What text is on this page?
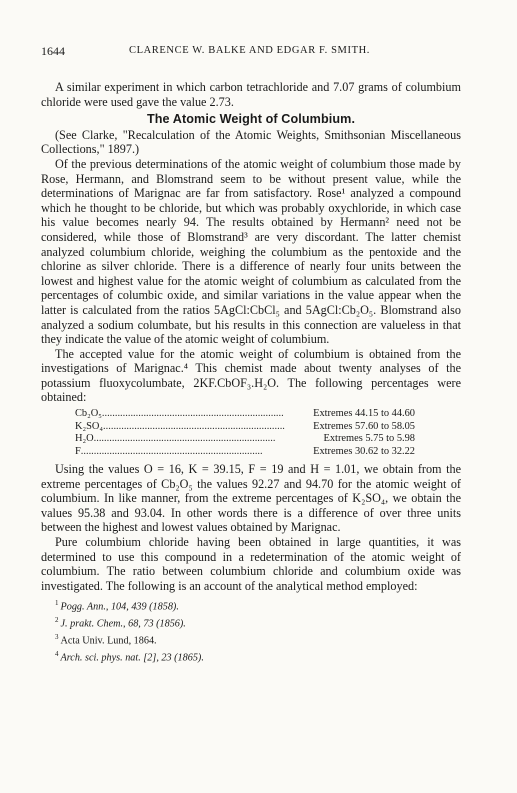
1644	CLARENCE W. BALKE AND EDGAR F. SMITH.

A similar experiment in which carbon tetrachloride and 7.07 grams of columbium chloride were used gave the value 2.73.

The Atomic Weight of Columbium.

(See Clarke, "Recalculation of the Atomic Weights, Smithsonian Miscellaneous Collections," 1897.)

Of the previous determinations of the atomic weight of columbium those made by Rose, Hermann, and Blomstrand seem to be without present value, while the determinations of Marignac are far from satisfactory. Rose¹ analyzed a compound which he thought to be chloride, but which was probably oxychloride, in which case his value becomes nearly 94. The results obtained by Hermann² need not be considered, while those of Blomstrand³ are very discordant. The latter chemist analyzed columbium chloride, weighing the columbium as the pentoxide and the chlorine as silver chloride. There is a difference of nearly four units between the lowest and highest value for the atomic weight of columbium as calculated from the percentages of columbic oxide, and similar variations in the value appear when the latter is calculated from the ratios 5AgCl:CbCl₅ and 5AgCl:Cb₂O₅. Blomstrand also analyzed a sodium columbate, but his results in this connection are valueless in that they indicate the value of the atomic weight of columbium.

The accepted value for the atomic weight of columbium is obtained from the investigations of Marignac.⁴ This chemist made about twenty analyses of the potassium fluoxycolumbate, 2KF.CbOF₃.H₂O. The following percentages were obtained:

Cb₂O₅ ......................................................................	Extremes 44.15 to 44.60
K₂SO₄ ......................................................................	Extremes 57.60 to 58.05
H₂O ......................................................................	Extremes 5.75 to 5.98
F ......................................................................	Extremes 30.62 to 32.22

Using the values O = 16, K = 39.15, F = 19 and H = 1.01, we obtain from the extreme percentages of Cb₂O₅ the values 92.27 and 94.70 for the atomic weight of columbium. In like manner, from the extreme percentages of K₂SO₄, we obtain the values 95.38 and 93.04. In other words there is a difference of over three units between the highest and lowest values obtained by Marignac.

Pure columbium chloride having been obtained in large quantities, it was determined to use this compound in a redetermination of the atomic weight of columbium. The ratio between columbium chloride and columbium oxide was investigated. The following is an account of the analytical method employed:

$^1$ Pogg. Ann., 104, 439 (1858).
$^2$ J. prakt. Chem., 68, 73 (1856).
$^3$ Acta Univ. Lund, 1864.
$^4$ Arch. sci. phys. nat. [2], 23 (1865).
